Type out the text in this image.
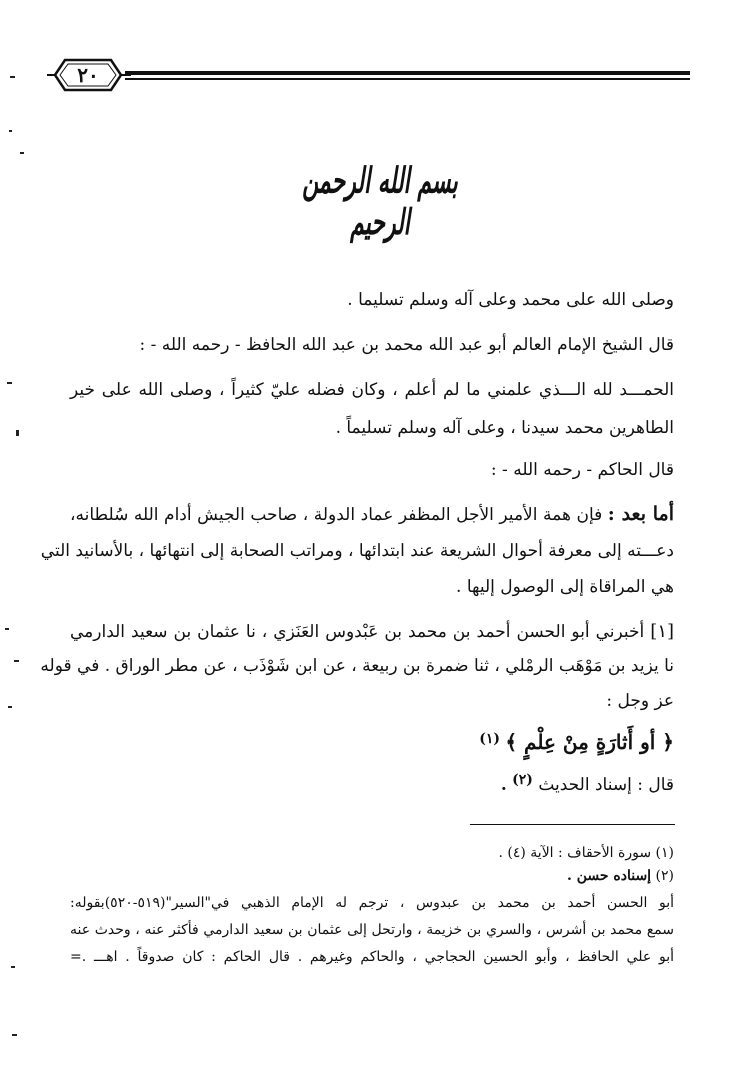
٢٠
بسم الله الرحمن الرحيم
وصلى الله على محمد وعلى آله وسلم تسليما .
قال الشيخ الإمام العالم أبو عبد الله محمد بن عبد الله الحافظ - رحمه الله - :
الحمـــد لله الـــذي علمني ما لم أعلم ، وكان فضله عليّ كثيراً ، وصلى الله على خير
الطاهرين محمد سيدنا ، وعلى آله وسلم تسليماً .
قال الحاكم - رحمه الله - :
أما بعد : فإن همة الأمير الأجل المظفر عماد الدولة ، صاحب الجيش أدام الله سُلطانه،
دعـــته إلى معرفة أحوال الشريعة عند ابتدائها ، ومراتب الصحابة إلى انتهائها ، بالأسانيد التي
هي المراقاة إلى الوصول إليها .
[١] أخبرني أبو الحسن أحمد بن محمد بن عَبْدوس العَنَزي ، نا عثمان بن سعيد الدارمي
نا يزيد بن مَوْهَب الرمْلي ، ثنا ضمرة بن ربيعة ، عن ابن شَوْذَب ، عن مطر الوراق . في قوله
عز وجل :
﴿ أو أَثارَةٍ مِنْ عِلْمٍ ﴾ $^{(١)}$
قال : إسناد الحديث $^{(٢)}$ .
(١) سورة الأحقاف : الآية (٤) .
(٢) إسناده حسن .
أبو الحسن أحمد بن محمد بن عبدوس ، ترجم له الإمام الذهبي في"السير"(٥١٩-٥٢٠)بقوله:
سمع محمد بن أشرس ، والسري بن خزيمة ، وارتحل إلى عثمان بن سعيد الدارمي فأكثر عنه ، وحدث عنه
أبو علي الحافظ ، وأبو الحسين الحجاجي ، والحاكم وغيرهم . قال الحاكم : كان صدوقاً . اهـــ .=
